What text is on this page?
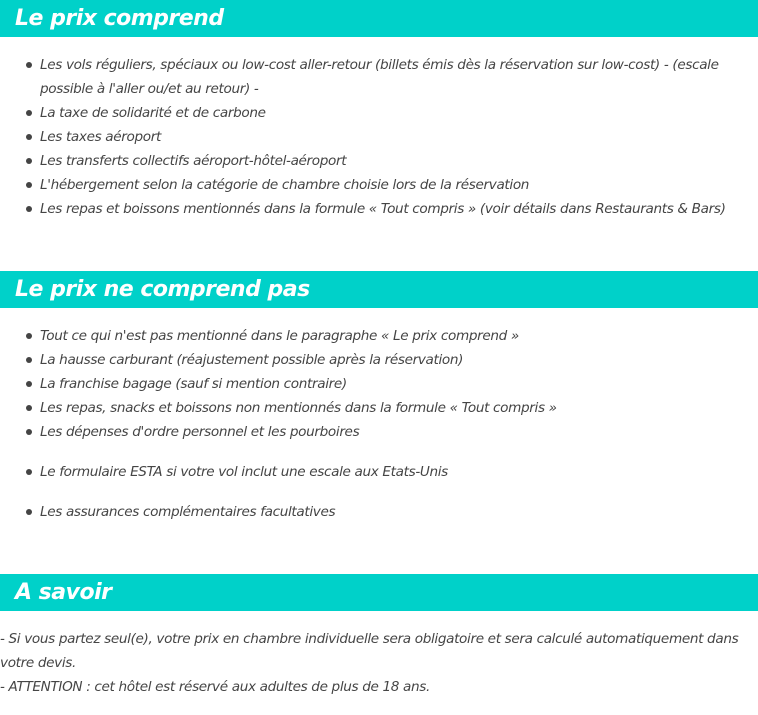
Le prix comprend
Les vols réguliers, spéciaux ou low-cost aller-retour (billets émis dès la réservation sur low-cost) - (escale possible à l'aller ou/et au retour) -
La taxe de solidarité et de carbone
Les taxes aéroport
Les transferts collectifs aéroport-hôtel-aéroport
L'hébergement selon la catégorie de chambre choisie lors de la réservation
Les repas et boissons mentionnés dans la formule « Tout compris » (voir détails dans Restaurants & Bars)
Le prix ne comprend pas
Tout ce qui n'est pas mentionné dans le paragraphe « Le prix comprend »
La hausse carburant (réajustement possible après la réservation)
La franchise bagage (sauf si mention contraire)
Les repas, snacks et boissons non mentionnés dans la formule « Tout compris »
Les dépenses d'ordre personnel et les pourboires
Le formulaire ESTA si votre vol inclut une escale aux Etats-Unis
Les assurances complémentaires facultatives
A savoir
- Si vous partez seul(e), votre prix en chambre individuelle sera obligatoire et sera calculé automatiquement dans votre devis.
- ATTENTION : cet hôtel est réservé aux adultes de plus de 18 ans.
